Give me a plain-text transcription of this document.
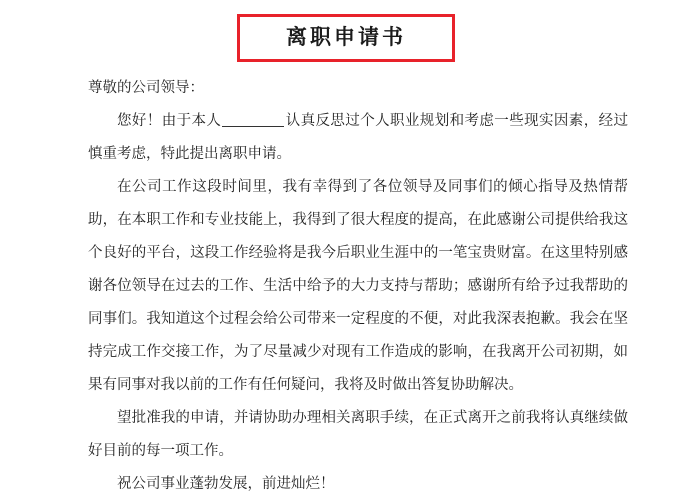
离职申请书

尊敬的公司领导：

您好！由于本人	认真反思过个人职业规划和考虑一些现实因素，经过慎重考虑，特此提出离职申请。

在公司工作这段时间里，我有幸得到了各位领导及同事们的倾心指导及热情帮助，在本职工作和专业技能上，我得到了很大程度的提高，在此感谢公司提供给我这个良好的平台，这段工作经验将是我今后职业生涯中的一笔宝贵财富。在这里特别感谢各位领导在过去的工作、生活中给予的大力支持与帮助；感谢所有给予过我帮助的同事们。我知道这个过程会给公司带来一定程度的不便，对此我深表抱歉。我会在坚持完成工作交接工作，为了尽量减少对现有工作造成的影响，在我离开公司初期，如果有同事对我以前的工作有任何疑问，我将及时做出答复协助解决。

望批准我的申请，并请协助办理相关离职手续，在正式离开之前我将认真继续做好目前的每一项工作。

祝公司事业蓬勃发展，前进灿烂！
